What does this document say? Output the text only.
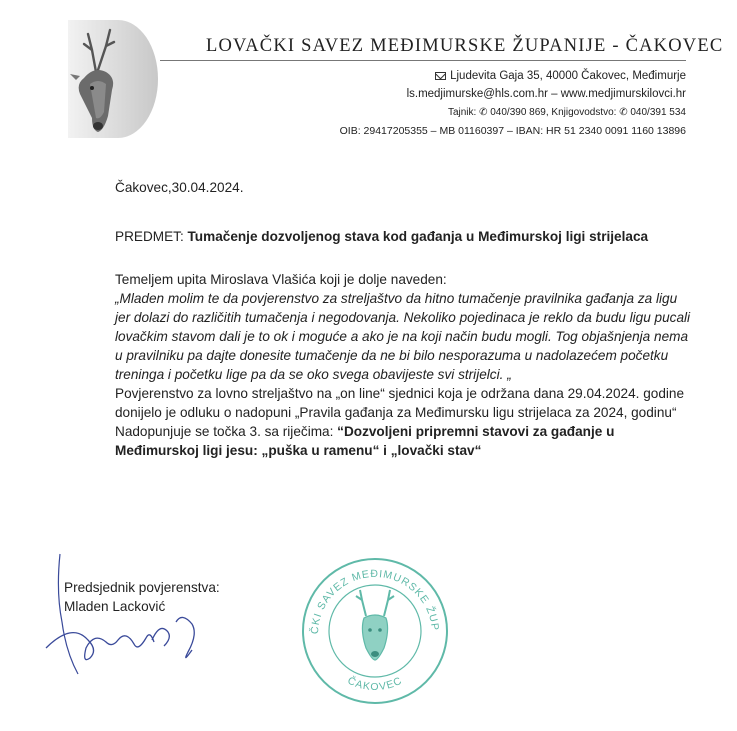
LOVAČKI SAVEZ MEĐIMURSKE ŽUPANIJE - ČAKOVEC
Ljudevita Gaja 35, 40000 Čakovec, Međimurje
ls.medjimurske@hls.com.hr – www.medjimurskilovci.hr
Tajnik: ✆ 040/390 869, Knjigovodstvo: ✆ 040/391 534
OIB: 29417205355 – MB 01160397 – IBAN: HR 51 2340 0091 1160 13896
Čakovec,30.04.2024.
PREDMET: Tumačenje dozvoljenog stava kod gađanja u Međimurskoj ligi strijelaca
Temeljem upita Miroslava Vlašića koji je dolje naveden:
„Mladen molim te da povjerenstvo za streljaštvo da hitno tumačenje pravilnika gađanja za ligu jer dolazi do različitih tumačenja i negodovanja. Nekoliko pojedinaca je reklo da budu ligu pucali lovačkim stavom dali je to ok i moguće a ako je na koji način budu mogli. Tog objašnjenja nema u pravilniku pa dajte donesite tumačenje da ne bi bilo nesporazuma u nadolazećem početku treninga i početku lige pa da se oko svega obavijeste svi strijelci. „
Povjerenstvo za lovno streljaštvo na „on line“ sjednici koja je održana dana 29.04.2024. godine donijelo je odluku o nadopuni „Pravila gađanja za Međimursku ligu strijelaca za 2024, godinu“
Nadopunjuje se točka 3. sa riječima: “Dozvoljeni pripremni stavovi za gađanje u Međimurskoj ligi jesu: „puška u ramenu“ i „lovački stav“
Predsjednik povjerenstva:
Mladen Lacković
ČKI SAVEZ MEĐIMURSKE ŽUP
ČAKOVEC
